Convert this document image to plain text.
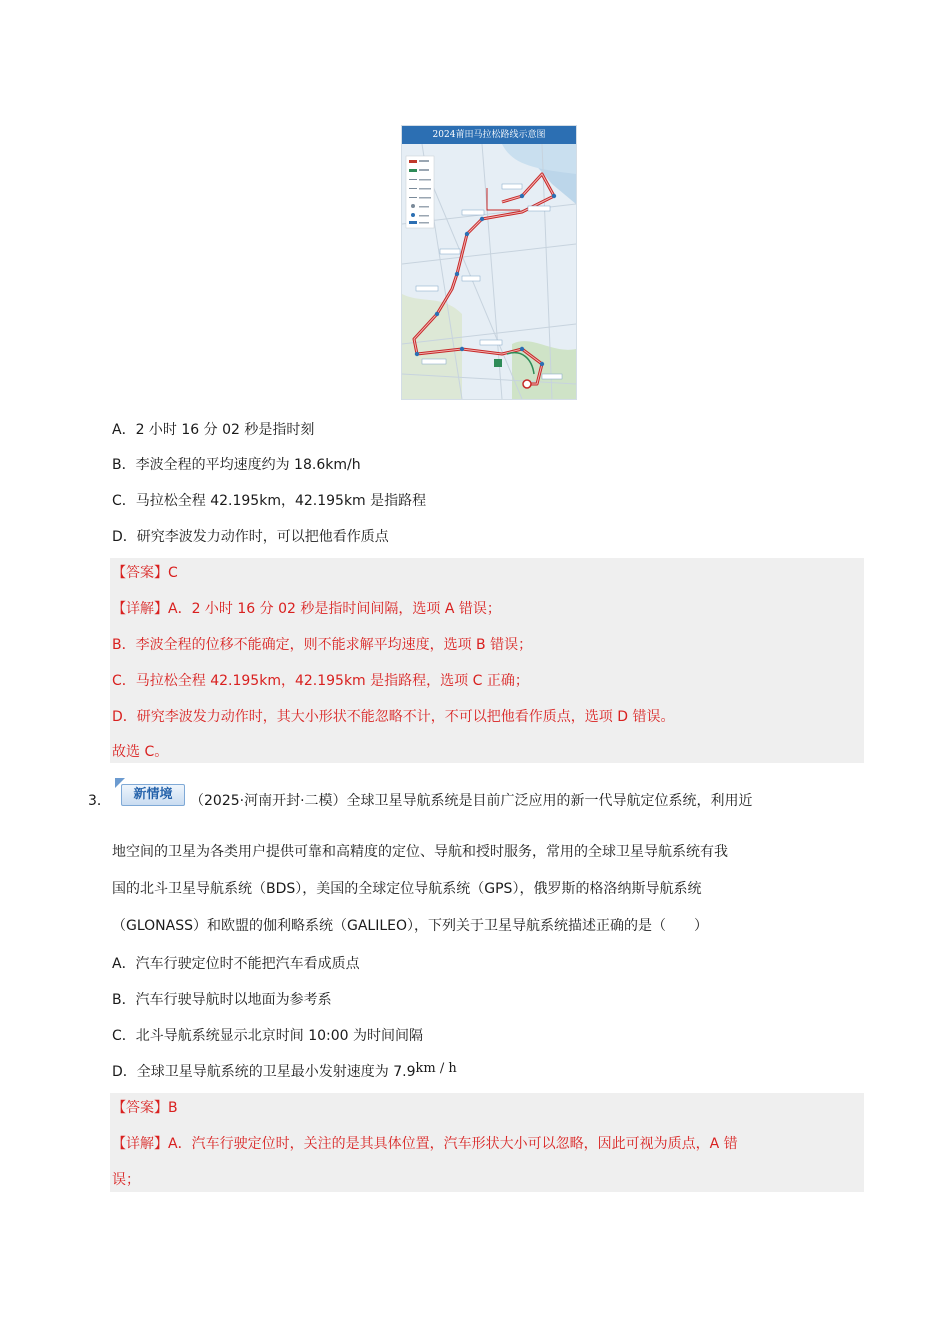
2024莆田马拉松路线示意图
A．2 小时 16 分 02 秒是指时刻
B．李波全程的平均速度约为 18.6km/h
C．马拉松全程 42.195km，42.195km 是指路程
D．研究李波发力动作时，可以把他看作质点
【答案】C
【详解】A．2 小时 16 分 02 秒是指时间间隔，选项 A 错误；
B．李波全程的位移不能确定，则不能求解平均速度，选项 B 错误；
C．马拉松全程 42.195km，42.195km 是指路程，选项 C 正确；
D．研究李波发力动作时，其大小形状不能忽略不计，不可以把他看作质点，选项 D 错误。
故选 C。
3．	新情境	（2025·河南开封·二模）全球卫星导航系统是目前广泛应用的新一代导航定位系统，利用近
地空间的卫星为各类用户提供可靠和高精度的定位、导航和授时服务，常用的全球卫星导航系统有我
国的北斗卫星导航系统（BDS），美国的全球定位导航系统（GPS），俄罗斯的格洛纳斯导航系统
（GLONASS）和欧盟的伽利略系统（GALILEO），下列关于卫星导航系统描述正确的是（　　）
A．汽车行驶定位时不能把汽车看成质点
B．汽车行驶导航时以地面为参考系
C．北斗导航系统显示北京时间 10:00 为时间间隔
D．全球卫星导航系统的卫星最小发射速度为 7.9km / h
【答案】B
【详解】A．汽车行驶定位时，关注的是其具体位置，汽车形状大小可以忽略，因此可视为质点，A 错
误；
